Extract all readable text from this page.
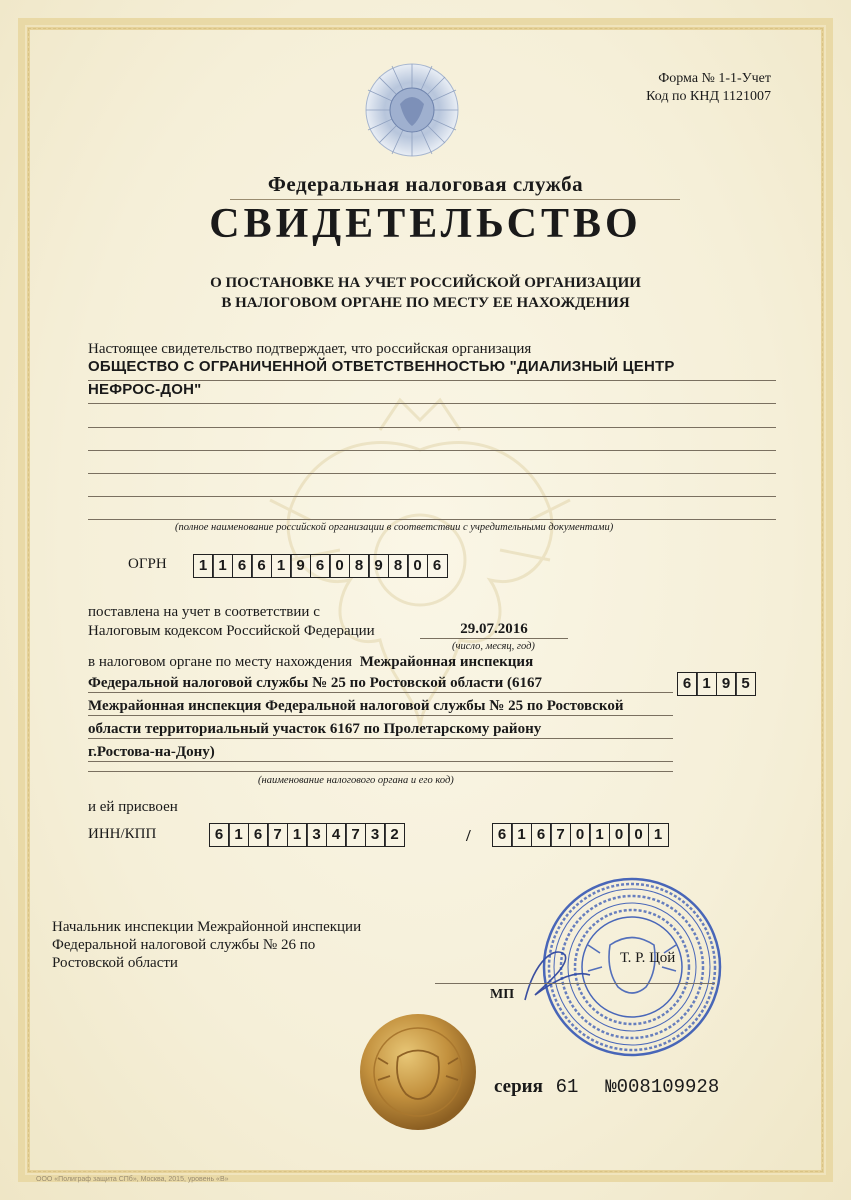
Форма № 1-1-Учет
Код по КНД 1121007
Федеральная налоговая служба
СВИДЕТЕЛЬСТВО
О ПОСТАНОВКЕ НА УЧЕТ РОССИЙСКОЙ ОРГАНИЗАЦИИ
В НАЛОГОВОМ ОРГАНЕ ПО МЕСТУ ЕЕ НАХОЖДЕНИЯ
Настоящее свидетельство подтверждает, что российская организация
ОБЩЕСТВО С ОГРАНИЧЕННОЙ ОТВЕТСТВЕННОСТЬЮ "ДИАЛИЗНЫЙ ЦЕНТР
НЕФРОС-ДОН"
(полное наименование российской организации в соответствии с учредительными документами)
ОГРН	1 1 6 6 1 9 6 0 8 9 8 0 6
поставлена на учет в соответствии с
Налоговым кодексом Российской Федерации	29.07.2016
(число, месяц, год)
в налоговом органе по месту нахождения Межрайонная инспекция
Федеральной налоговой службы № 25 по Ростовской области (6167	6 1 9 5
Межрайонная инспекция Федеральной налоговой службы № 25 по Ростовской
области территориальный участок 6167 по Пролетарскому району
г.Ростова-на-Дону)
(наименование налогового органа и его код)
и ей присвоен
ИНН/КПП	6 1 6 7 1 3 4 7 3 2	/	6 1 6 7 0 1 0 0 1
Начальник инспекции Межрайонной инспекции
Федеральной налоговой службы № 26 по
Ростовской области	Т. Р. Цой
МП
серия 61 №008109928
ООО «Полиграф защита СПб», Москва, 2015, уровень «В»
